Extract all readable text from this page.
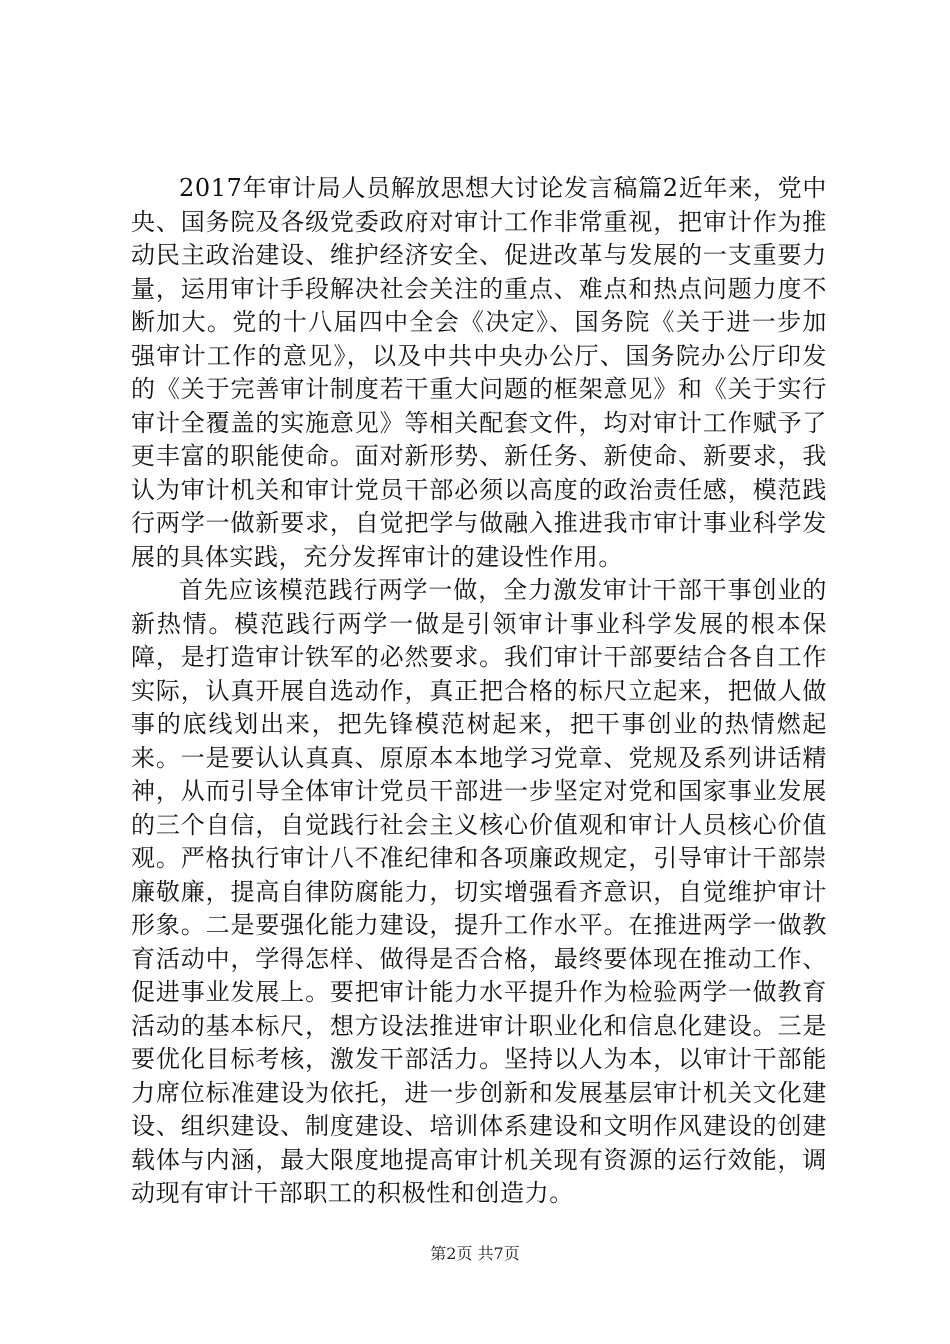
2017年审计局人员解放思想大讨论发言稿篇2近年来，党中央、国务院及各级党委政府对审计工作非常重视，把审计作为推动民主政治建设、维护经济安全、促进改革与发展的一支重要力量，运用审计手段解决社会关注的重点、难点和热点问题力度不断加大。党的十八届四中全会《决定》、国务院《关于进一步加强审计工作的意见》，以及中共中央办公厅、国务院办公厅印发的《关于完善审计制度若干重大问题的框架意见》和《关于实行审计全覆盖的实施意见》等相关配套文件，均对审计工作赋予了更丰富的职能使命。面对新形势、新任务、新使命、新要求，我认为审计机关和审计党员干部必须以高度的政治责任感，模范践行两学一做新要求，自觉把学与做融入推进我市审计事业科学发展的具体实践，充分发挥审计的建设性作用。

首先应该模范践行两学一做，全力激发审计干部干事创业的新热情。模范践行两学一做是引领审计事业科学发展的根本保障，是打造审计铁军的必然要求。我们审计干部要结合各自工作实际，认真开展自选动作，真正把合格的标尺立起来，把做人做事的底线划出来，把先锋模范树起来，把干事创业的热情燃起来。一是要认认真真、原原本本地学习党章、党规及系列讲话精神，从而引导全体审计党员干部进一步坚定对党和国家事业发展的三个自信，自觉践行社会主义核心价值观和审计人员核心价值观。严格执行审计八不准纪律和各项廉政规定，引导审计干部崇廉敬廉，提高自律防腐能力，切实增强看齐意识，自觉维护审计形象。二是要强化能力建设，提升工作水平。在推进两学一做教育活动中，学得怎样、做得是否合格，最终要体现在推动工作、促进事业发展上。要把审计能力水平提升作为检验两学一做教育活动的基本标尺，想方设法推进审计职业化和信息化建设。三是要优化目标考核，激发干部活力。坚持以人为本，以审计干部能力席位标准建设为依托，进一步创新和发展基层审计机关文化建设、组织建设、制度建设、培训体系建设和文明作风建设的创建载体与内涵，最大限度地提高审计机关现有资源的运行效能，调动现有审计干部职工的积极性和创造力。

第2页 共7页
